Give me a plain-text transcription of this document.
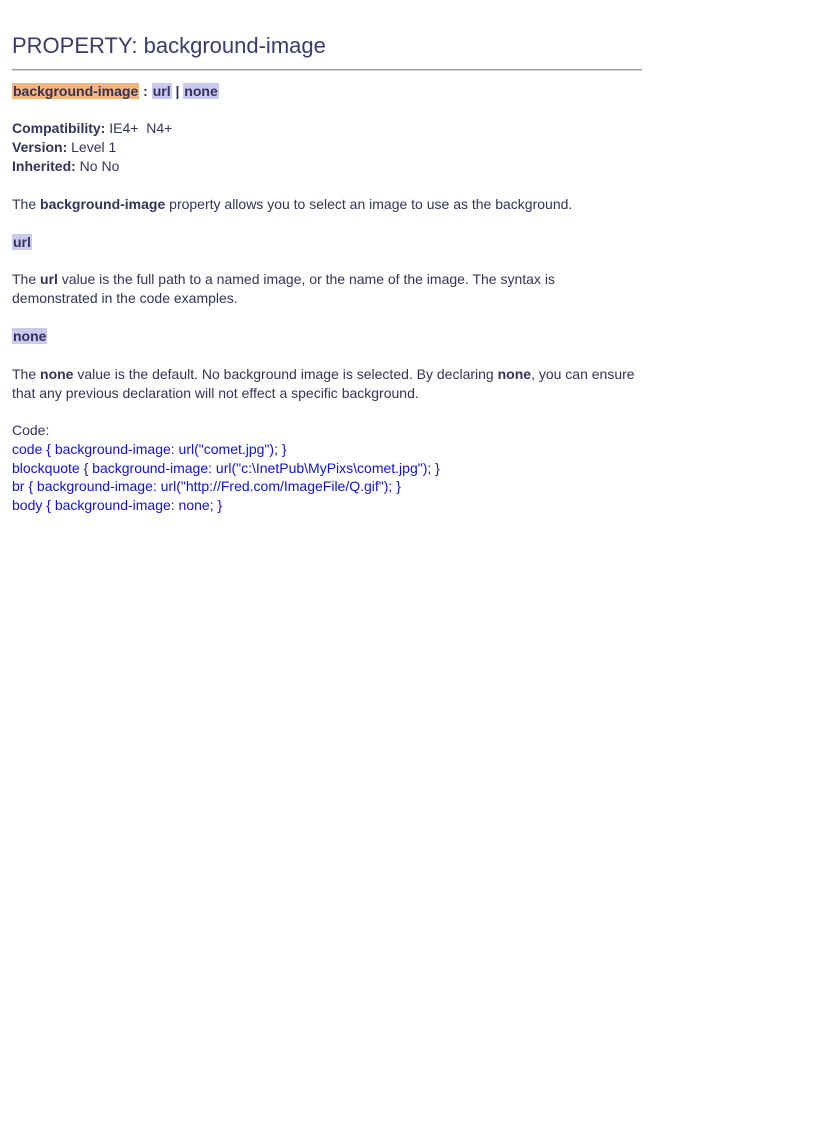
PROPERTY: background-image
background-image : url | none
Compatibility: IE4+  N4+
Version: Level 1
Inherited: No No
The background-image property allows you to select an image to use as the background.
url
The url value is the full path to a named image, or the name of the image. The syntax is demonstrated in the code examples.
none
The none value is the default. No background image is selected. By declaring none, you can ensure that any previous declaration will not effect a specific background.
Code:
code { background-image: url("comet.jpg"); }
blockquote { background-image: url("c:\InetPub\MyPixs\comet.jpg"); }
br { background-image: url("http://Fred.com/ImageFile/Q.gif"); }
body { background-image: none; }
